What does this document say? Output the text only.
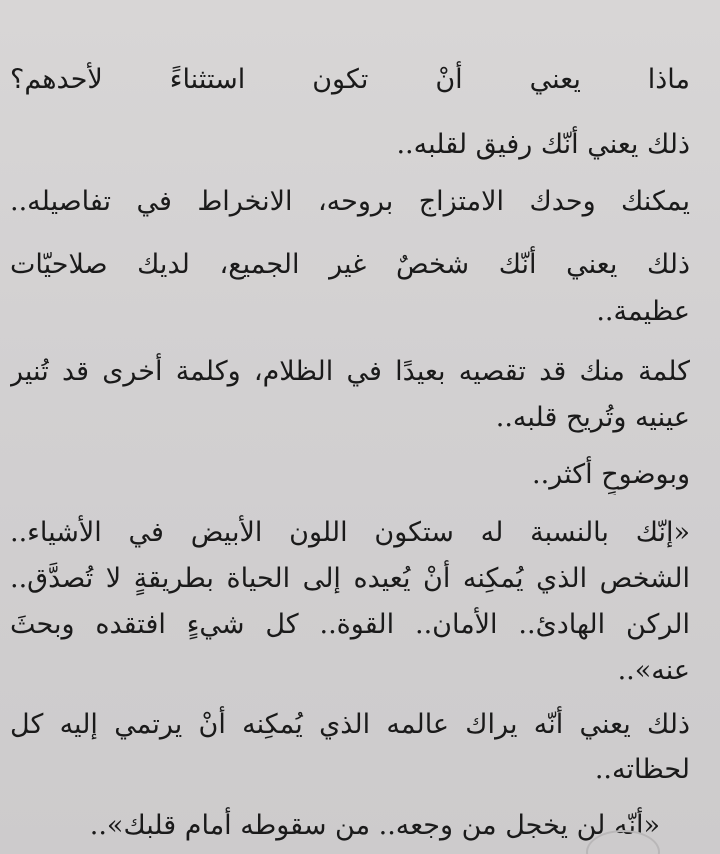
ماذا يعني أنْ تكون استثناءً لأحدهم؟
ذلك يعني أنّك رفيق لقلبه..
يمكنك وحدك الامتزاج بروحه، الانخراط في تفاصيله..
ذلك يعني أنّك شخصٌ غير الجميع، لديك صلاحيّات
عظيمة..
كلمة منك قد تقصيه بعيدًا في الظلام، وكلمة أخرى قد تُنير
عينيه وتُريح قلبه..
وبوضوحٍ أكثر..
«إنّك بالنسبة له ستكون اللون الأبيض في الأشياء..
الشخص الذي يُمكِنه أنْ يُعيده إلى الحياة بطريقةٍ لا تُصدَّق..
الركن الهادئ.. الأمان.. القوة.. كل شيءٍ افتقده وبحثَ
عنه»..
ذلك يعني أنّه يراك عالمه الذي يُمكِنه أنْ يرتمي إليه كل
لحظاته..
«أنّه لن يخجل من وجعه.. من سقوطه أمام قلبك»..
